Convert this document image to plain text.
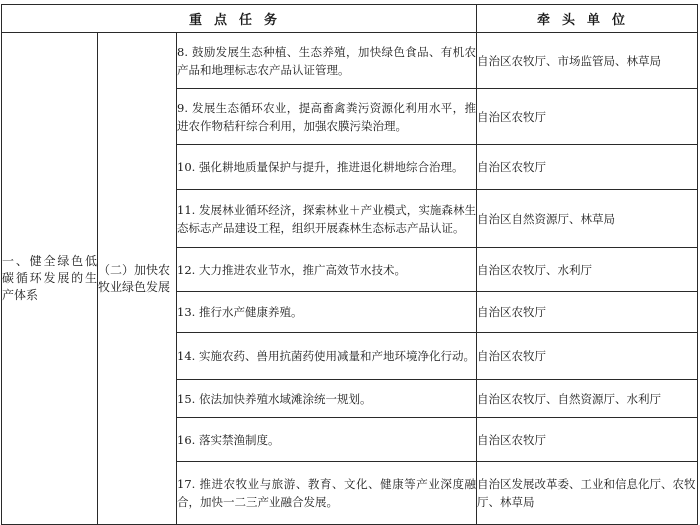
重点任务			牵头单位
一、健全绿色低碳循环发展的生产体系	（二）加快农牧业绿色发展	8. 鼓励发展生态种植、生态养殖，加快绿色食品、有机农产品和地理标志农产品认证管理。	自治区农牧厅、市场监管局、林草局
		9. 发展生态循环农业，提高畜禽粪污资源化利用水平，推进农作物秸秆综合利用，加强农膜污染治理。	自治区农牧厅
		10. 强化耕地质量保护与提升，推进退化耕地综合治理。	自治区农牧厅
		11. 发展林业循环经济，探索林业＋产业模式，实施森林生态标志产品建设工程，组织开展森林生态标志产品认证。	自治区自然资源厅、林草局
		12. 大力推进农业节水，推广高效节水技术。	自治区农牧厅、水利厅
		13. 推行水产健康养殖。	自治区农牧厅
		14. 实施农药、兽用抗菌药使用减量和产地环境净化行动。	自治区农牧厅
		15. 依法加快养殖水域滩涂统一规划。	自治区农牧厅、自然资源厅、水利厅
		16. 落实禁渔制度。	自治区农牧厅
		17. 推进农牧业与旅游、教育、文化、健康等产业深度融合，加快一二三产业融合发展。	自治区发展改革委、工业和信息化厅、农牧厅、林草局
